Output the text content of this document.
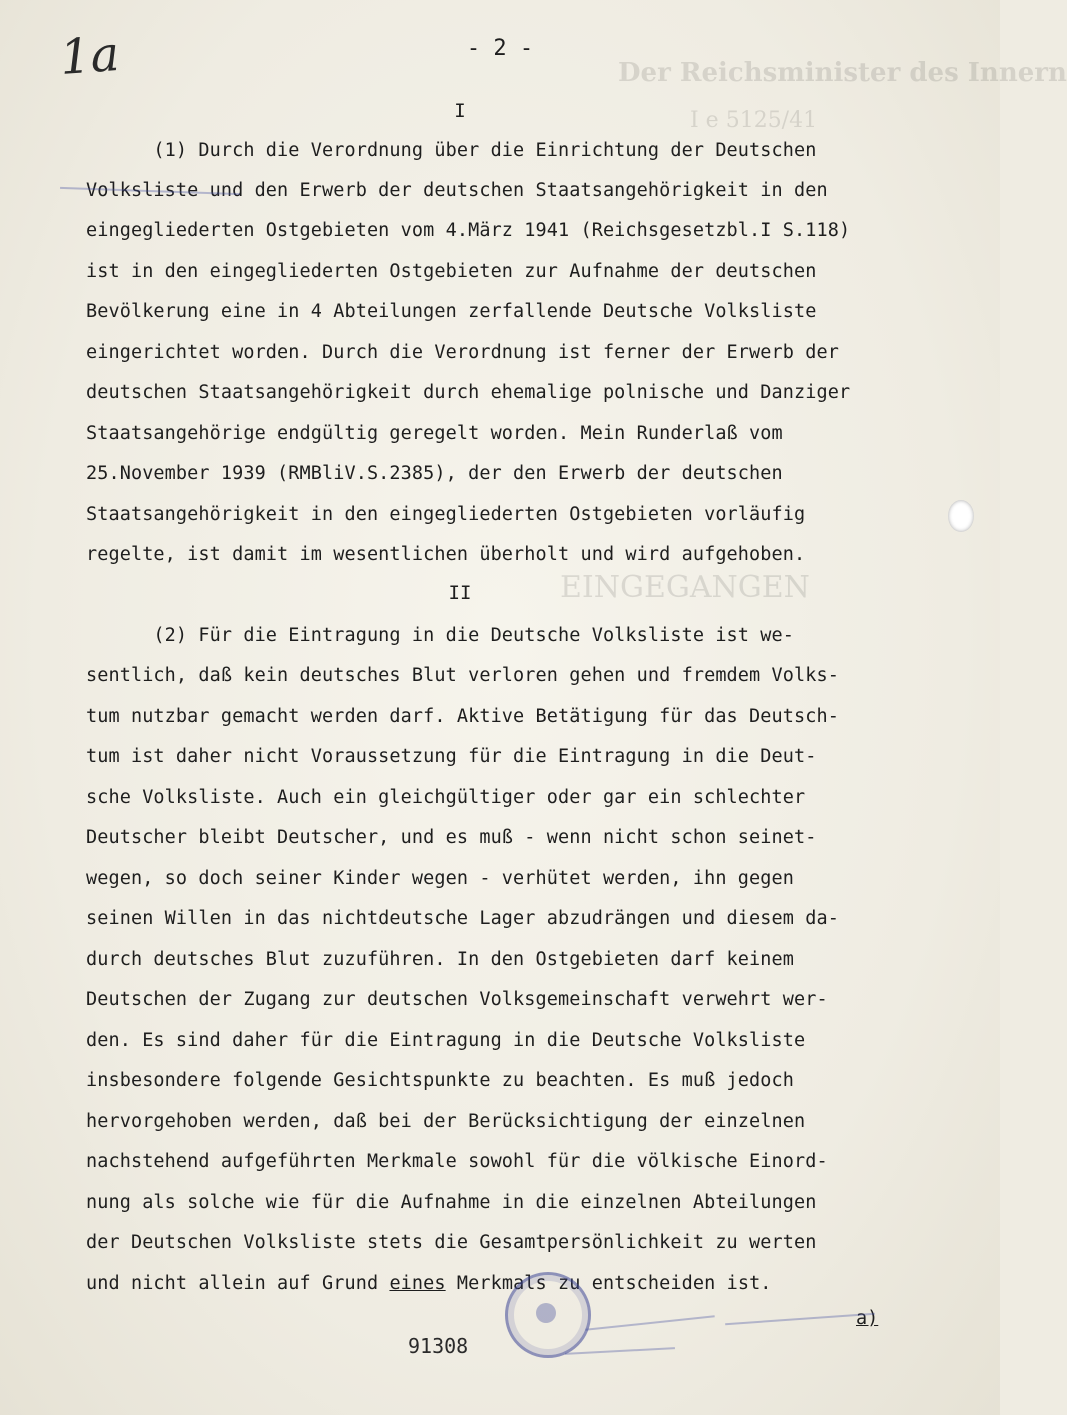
Der Reichsminister des Innern
I e 5125/41
EINGEGANGEN
1a	- 2 -
I
(1) Durch die Verordnung über die Einrichtung der Deutschen
Volksliste und den Erwerb der deutschen Staatsangehörigkeit in den
eingegliederten Ostgebieten vom 4.März 1941 (Reichsgesetzbl.I S.118)
ist in den eingegliederten Ostgebieten zur Aufnahme der deutschen
Bevölkerung eine in 4 Abteilungen zerfallende Deutsche Volksliste
eingerichtet worden. Durch die Verordnung ist ferner der Erwerb der
deutschen Staatsangehörigkeit durch ehemalige polnische und Danziger
Staatsangehörige endgültig geregelt worden. Mein Runderlaß vom
25.November 1939 (RMBliV.S.2385), der den Erwerb der deutschen
Staatsangehörigkeit in den eingegliederten Ostgebieten vorläufig
regelte, ist damit im wesentlichen überholt und wird aufgehoben.
II
(2) Für die Eintragung in die Deutsche Volksliste ist we-
sentlich, daß kein deutsches Blut verloren gehen und fremdem Volks-
tum nutzbar gemacht werden darf. Aktive Betätigung für das Deutsch-
tum ist daher nicht Voraussetzung für die Eintragung in die Deut-
sche Volksliste. Auch ein gleichgültiger oder gar ein schlechter
Deutscher bleibt Deutscher, und es muß - wenn nicht schon seinet-
wegen, so doch seiner Kinder wegen - verhütet werden, ihn gegen
seinen Willen in das nichtdeutsche Lager abzudrängen und diesem da-
durch deutsches Blut zuzuführen. In den Ostgebieten darf keinem
Deutschen der Zugang zur deutschen Volksgemeinschaft verwehrt wer-
den. Es sind daher für die Eintragung in die Deutsche Volksliste
insbesondere folgende Gesichtspunkte zu beachten. Es muß jedoch
hervorgehoben werden, daß bei der Berücksichtigung der einzelnen
nachstehend aufgeführten Merkmale sowohl für die völkische Einord-
nung als solche wie für die Aufnahme in die einzelnen Abteilungen
der Deutschen Volksliste stets die Gesamtpersönlichkeit zu werten
und nicht allein auf Grund eines Merkmals zu entscheiden ist.
a)
91308
